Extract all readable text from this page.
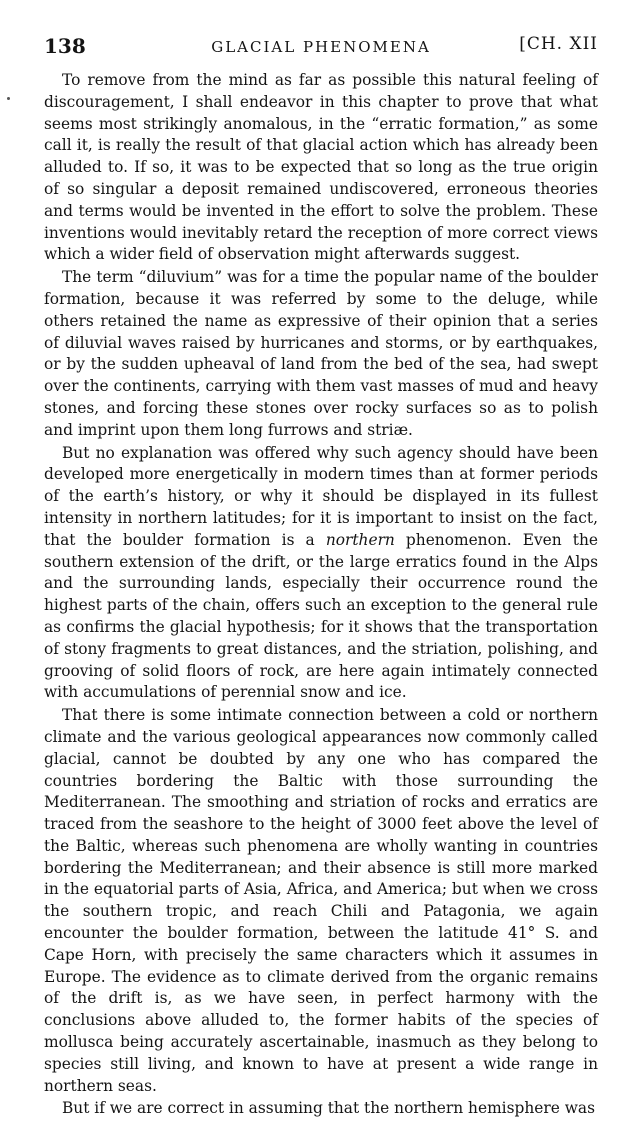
138	GLACIAL PHENOMENA	[CH. XII

To remove from the mind as far as possible this natural feeling of discouragement, I shall endeavor in this chapter to prove that what seems most strikingly anomalous, in the “erratic formation,” as some call it, is really the result of that glacial action which has already been alluded to. If so, it was to be expected that so long as the true origin of so singular a deposit remained undiscovered, erroneous theories and terms would be invented in the effort to solve the problem. These inventions would inevitably retard the reception of more correct views which a wider field of observation might afterwards suggest.

The term “diluvium” was for a time the popular name of the boulder formation, because it was referred by some to the deluge, while others retained the name as expressive of their opinion that a series of diluvial waves raised by hurricanes and storms, or by earthquakes, or by the sudden upheaval of land from the bed of the sea, had swept over the continents, carrying with them vast masses of mud and heavy stones, and forcing these stones over rocky surfaces so as to polish and imprint upon them long furrows and striæ.

But no explanation was offered why such agency should have been developed more energetically in modern times than at former periods of the earth’s history, or why it should be displayed in its fullest intensity in northern latitudes; for it is important to insist on the fact, that the boulder formation is a northern phenomenon. Even the southern extension of the drift, or the large erratics found in the Alps and the surrounding lands, especially their occurrence round the highest parts of the chain, offers such an exception to the general rule as confirms the glacial hypothesis; for it shows that the transportation of stony fragments to great distances, and the striation, polishing, and grooving of solid floors of rock, are here again intimately connected with accumulations of perennial snow and ice.

That there is some intimate connection between a cold or northern climate and the various geological appearances now commonly called glacial, cannot be doubted by any one who has compared the countries bordering the Baltic with those surrounding the Mediterranean. The smoothing and striation of rocks and erratics are traced from the seashore to the height of 3000 feet above the level of the Baltic, whereas such phenomena are wholly wanting in countries bordering the Mediterranean; and their absence is still more marked in the equatorial parts of Asia, Africa, and America; but when we cross the southern tropic, and reach Chili and Patagonia, we again encounter the boulder formation, between the latitude 41° S. and Cape Horn, with precisely the same characters which it assumes in Europe. The evidence as to climate derived from the organic remains of the drift is, as we have seen, in perfect harmony with the conclusions above alluded to, the former habits of the species of mollusca being accurately ascertainable, inasmuch as they belong to species still living, and known to have at present a wide range in northern seas.

But if we are correct in assuming that the northern hemisphere was
